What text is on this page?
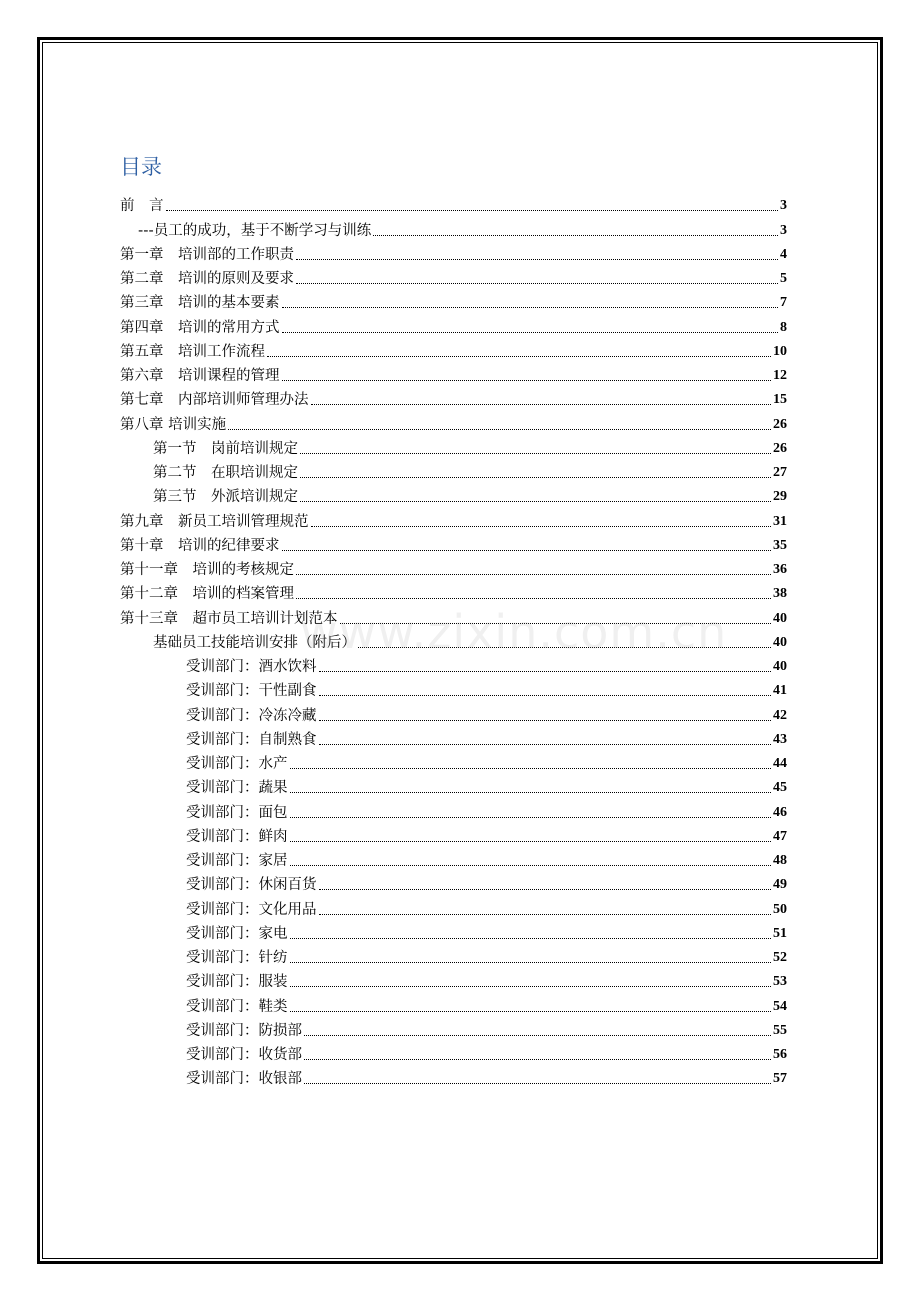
目录
前　言	3
---员工的成功，基于不断学习与训练	3
第一章　培训部的工作职责	4
第二章　培训的原则及要求	5
第三章　培训的基本要素	7
第四章　培训的常用方式	8
第五章　培训工作流程	10
第六章　培训课程的管理	12
第七章　内部培训师管理办法	15
第八章 培训实施	26
第一节　岗前培训规定	26
第二节　在职培训规定	27
第三节　外派培训规定	29
第九章　新员工培训管理规范	31
第十章　培训的纪律要求	35
第十一章　培训的考核规定	36
第十二章　培训的档案管理	38
第十三章　超市员工培训计划范本	40
基础员工技能培训安排（附后）	40
受训部门：酒水饮料	40
受训部门：干性副食	41
受训部门：冷冻冷藏	42
受训部门：自制熟食	43
受训部门：水产	44
受训部门：蔬果	45
受训部门：面包	46
受训部门：鲜肉	47
受训部门：家居	48
受训部门：休闲百货	49
受训部门：文化用品	50
受训部门：家电	51
受训部门：针纺	52
受训部门：服装	53
受训部门：鞋类	54
受训部门：防损部	55
受训部门：收货部	56
受训部门：收银部	57
www.zixin.com.cn
